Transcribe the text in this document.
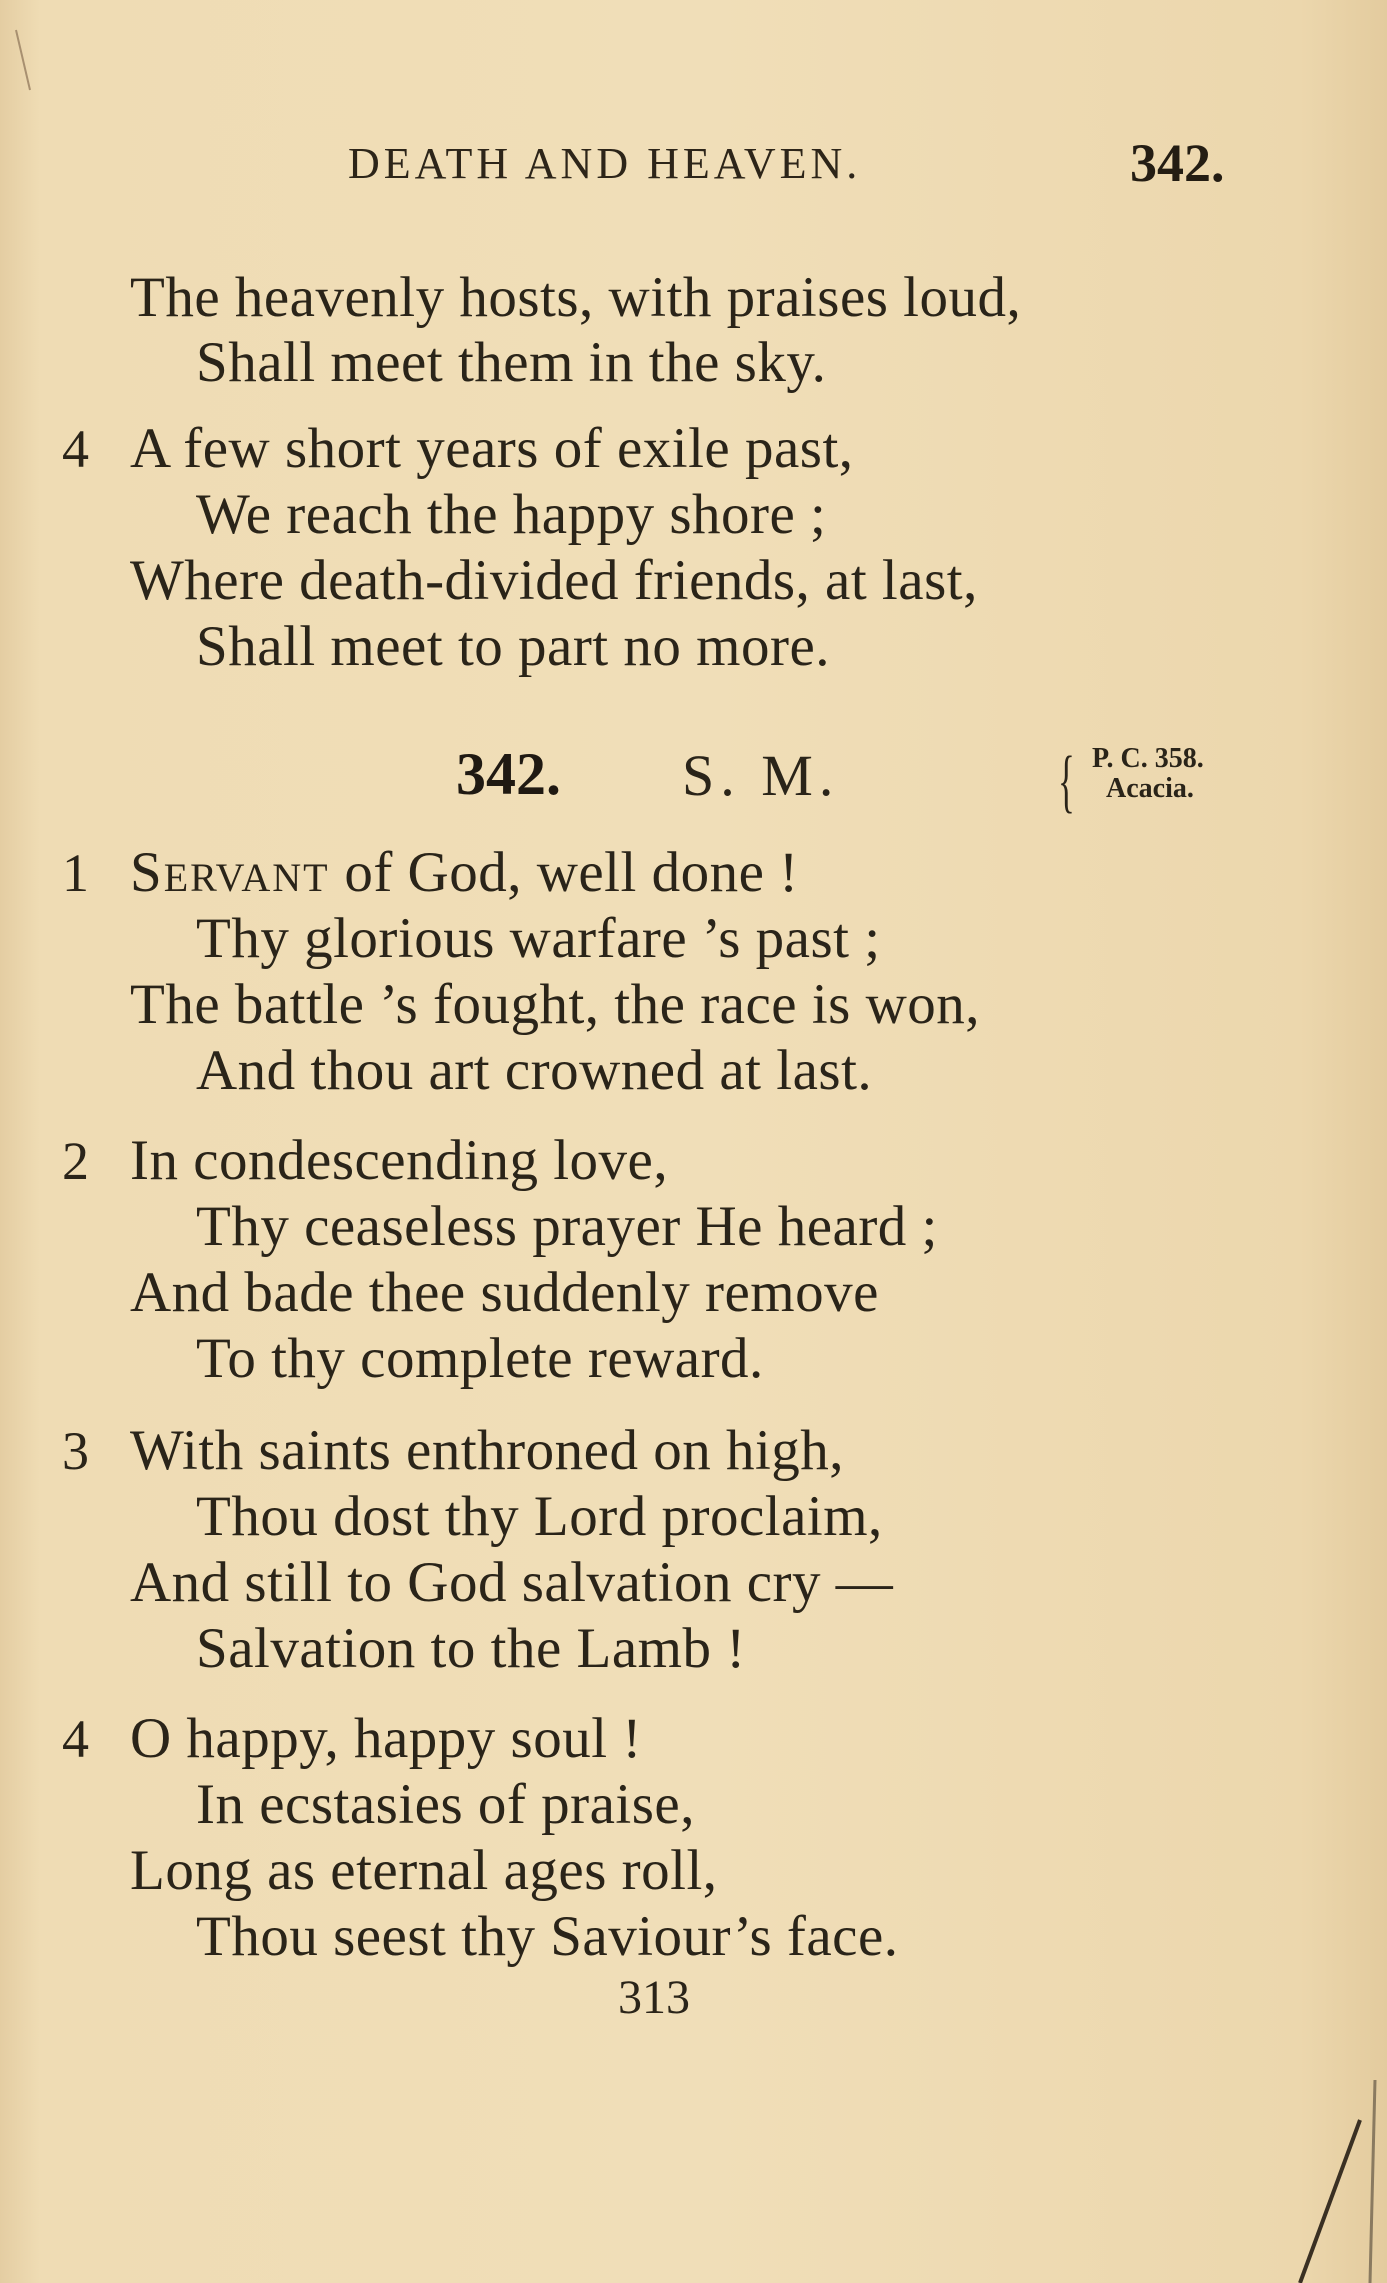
DEATH AND HEAVEN.	342.
The heavenly hosts, with praises loud,
Shall meet them in the sky.
4 A few short years of exile past,
We reach the happy shore ;
Where death-divided friends, at last,
Shall meet to part no more.
342. S. M.	{ P. C. 358.
Acacia.
1 Servant of God, well done !
Thy glorious warfare ’s past ;
The battle ’s fought, the race is won,
And thou art crowned at last.
2 In condescending love,
Thy ceaseless prayer He heard ;
And bade thee suddenly remove
To thy complete reward.
3 With saints enthroned on high,
Thou dost thy Lord proclaim,
And still to God salvation cry —
Salvation to the Lamb !
4 O happy, happy soul !
In ecstasies of praise,
Long as eternal ages roll,
Thou seest thy Saviour’s face.
313
